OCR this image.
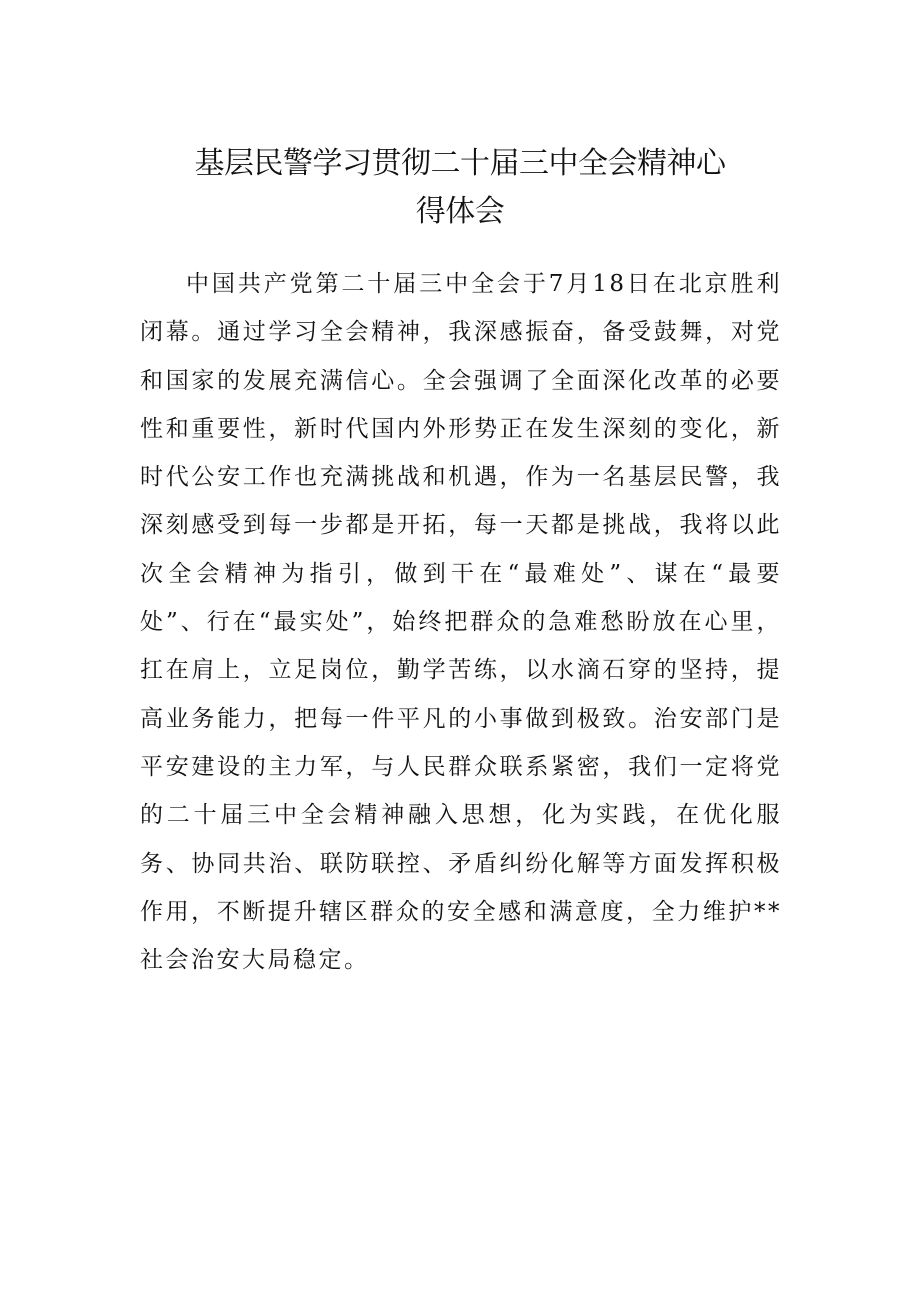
基层民警学习贯彻二十届三中全会精神心
得体会

中国共产党第二十届三中全会于7月18日在北京胜利闭幕。通过学习全会精神，我深感振奋，备受鼓舞，对党和国家的发展充满信心。全会强调了全面深化改革的必要性和重要性，新时代国内外形势正在发生深刻的变化，新时代公安工作也充满挑战和机遇，作为一名基层民警，我深刻感受到每一步都是开拓，每一天都是挑战，我将以此次全会精神为指引，做到干在“最难处”、谋在“最要处”、行在“最实处”，始终把群众的急难愁盼放在心里，扛在肩上，立足岗位，勤学苦练，以水滴石穿的坚持，提高业务能力，把每一件平凡的小事做到极致。治安部门是平安建设的主力军，与人民群众联系紧密，我们一定将党的二十届三中全会精神融入思想，化为实践，在优化服务、协同共治、联防联控、矛盾纠纷化解等方面发挥积极作用，不断提升辖区群众的安全感和满意度，全力维护**社会治安大局稳定。
